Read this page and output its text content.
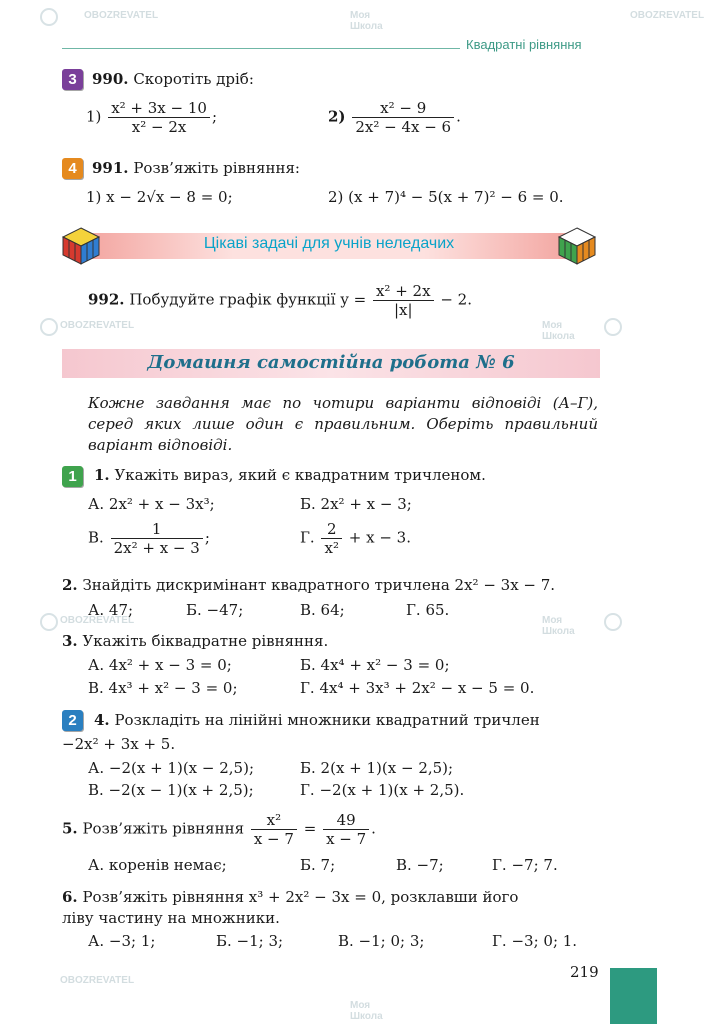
OBOZREVATEL	Моя Школа
OBOZREVATEL
OBOZREVATEL	Моя Школа
OBOZREVATEL	Моя Школа
OBOZREVATEL
Моя Школа
Квадратні рівняння
3	990. Скоротіть дріб:
$1) \frac{\text{x² + 3x − 10}}{\text{x² − 2x}}$ ;	$2) \frac{\text{x² − 9}}{\text{2x² − 4x − 6}}$ .
4	991. Розв’яжіть рівняння:
1) x − 2√x − 8 = 0;	2) (x + 7)⁴ − 5(x + 7)² − 6 = 0.
Цікаві задачі для учнів неледачих
992. Побудуйте графік функції $y = \frac{\text{x² + 2x}}{|x|} - 2$.
Домашня самостійна робота № 6
Кожне завдання має по чотири варіанти відповіді (А–Г), серед яких лише один є правильним. Оберіть правильний варіант відповіді.
1	1. Укажіть вираз, який є квадратним тричленом.
А. 2x² + x − 3x³;	Б. 2x² + x − 3;
В. $\frac{1}{\text{2x² + x − 3}}$ ;	Г. $\frac{2}{\text{x²}} + x - 3$.
2. Знайдіть дискримінант квадратного тричлена 2x² − 3x − 7.
А. 47;	Б. −47;	В. 64;	Г. 65.
3. Укажіть біквадратне рівняння.
А. 4x² + x − 3 = 0;	Б. 4x⁴ + x² − 3 = 0;
В. 4x³ + x² − 3 = 0;	Г. 4x⁴ + 3x³ + 2x² − x − 5 = 0.
2	4. Розкладіть на лінійні множники квадратний тричлен
−2x² + 3x + 5.
А. −2(x + 1)(x − 2,5);	Б. 2(x + 1)(x − 2,5);
В. −2(x − 1)(x + 2,5);	Г. −2(x + 1)(x + 2,5).
5. Розв’яжіть рівняння $\frac{\text{x²}}{x - 7} = \frac{49}{x - 7}$ .
А. коренів немає;	Б. 7;	В. −7;	Г. −7; 7.
6. Розв’яжіть рівняння x³ + 2x² − 3x = 0, розклавши його
ліву частину на множники.
А. −3; 1;	Б. −1; 3;	В. −1; 0; 3;	Г. −3; 0; 1.
219
